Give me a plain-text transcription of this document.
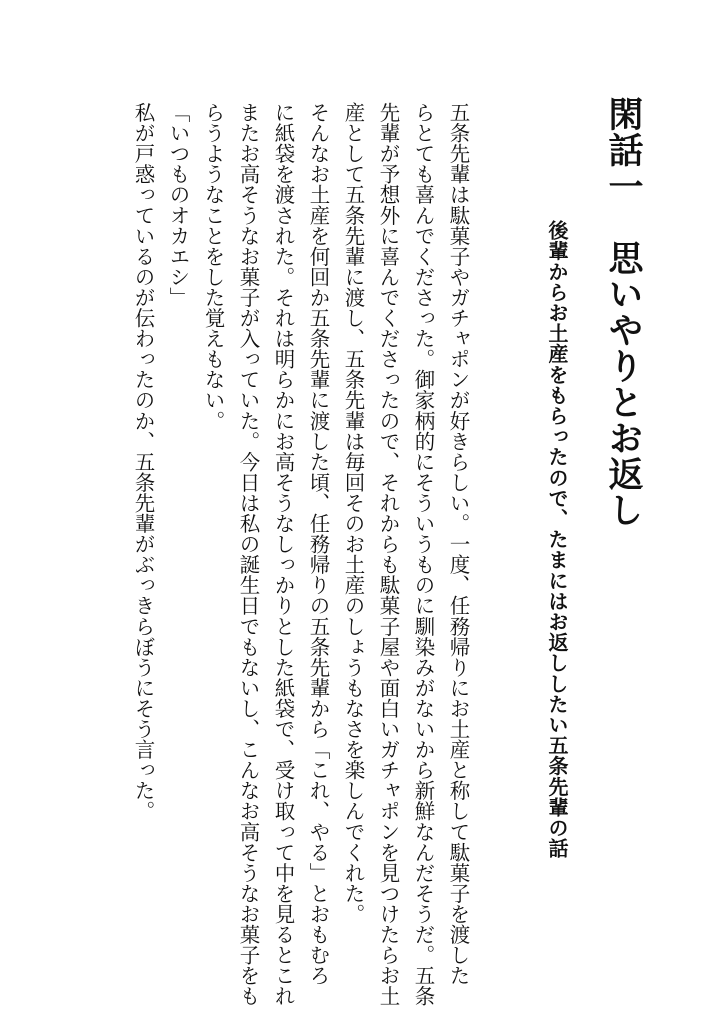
閑話一　思いやりとお返し
後輩からお土産をもらったので、たまにはお返ししたい五条先輩の話

五条先輩は駄菓子やガチャポンが好きらしい。一度、任務帰りにお土産と称して駄菓子を渡した

らとても喜んでくださった。御家柄的にそういうものに馴染みがないから新鮮なんだそうだ。五条

先輩が予想外に喜んでくださったので、それからも駄菓子屋や面白いガチャポンを見つけたらお土

産として五条先輩に渡し、五条先輩は毎回そのお土産のしょうもなさを楽しんでくれた。

そんなお土産を何回か五条先輩に渡した頃、任務帰りの五条先輩から「これ、やる」とおもむろ

に紙袋を渡された。それは明らかにお高そうなしっかりとした紙袋で、受け取って中を見るとこれ

またお高そうなお菓子が入っていた。今日は私の誕生日でもないし、こんなお高そうなお菓子をも

らうようなことをした覚えもない。

「いつものオカエシ」

私が戸惑っているのが伝わったのか、五条先輩がぶっきらぼうにそう言った。
